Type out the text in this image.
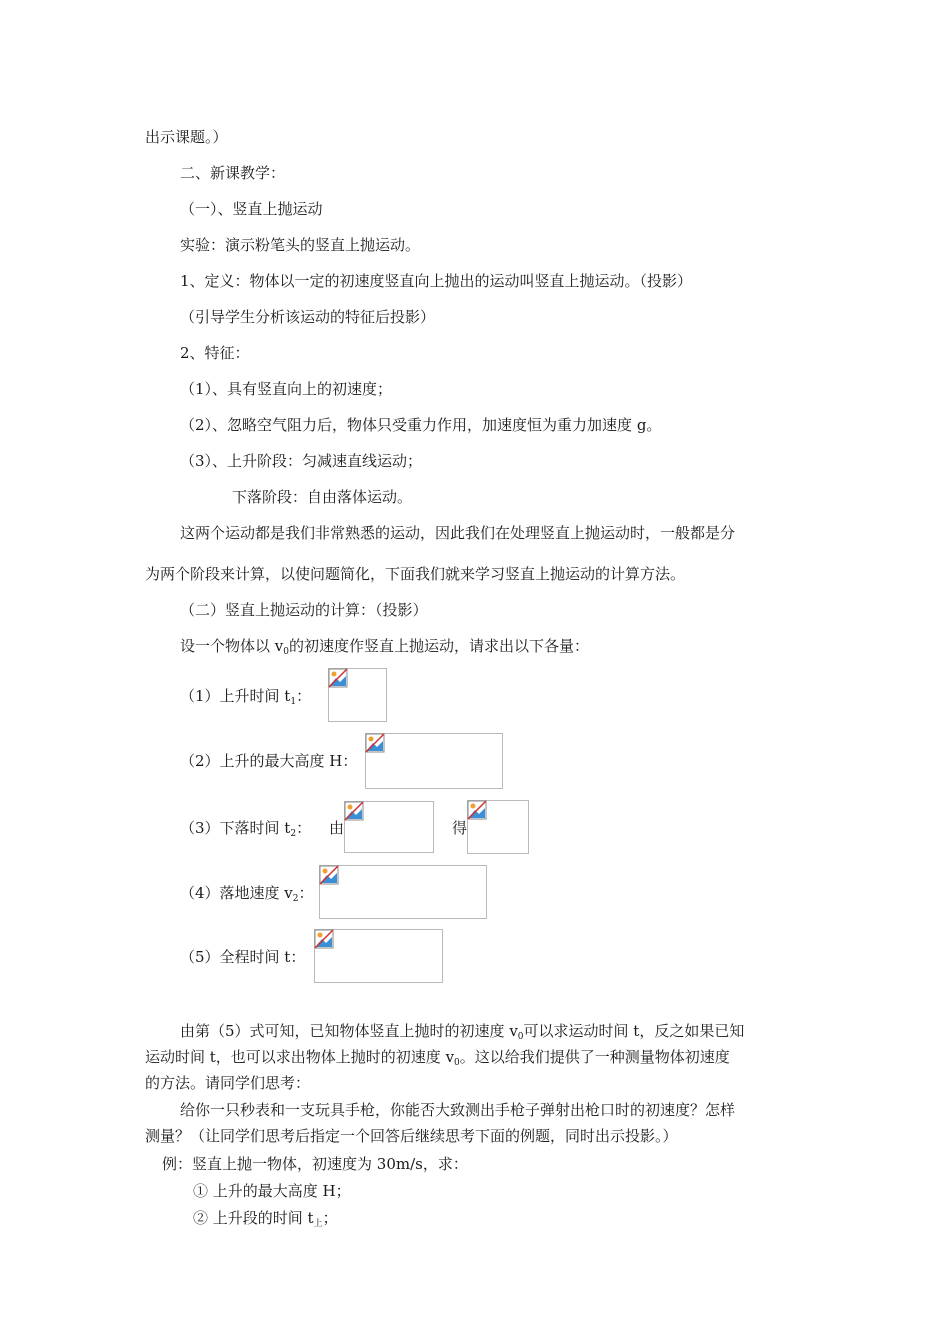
出示课题。）
二、新课教学：
（一）、竖直上抛运动
实验：演示粉笔头的竖直上抛运动。
1、定义：物体以一定的初速度竖直向上抛出的运动叫竖直上抛运动。（投影）
（引导学生分析该运动的特征后投影）
2、特征：
（1）、具有竖直向上的初速度；
（2）、忽略空气阻力后，物体只受重力作用，加速度恒为重力加速度 g。
（3）、上升阶段：匀减速直线运动；
下落阶段：自由落体运动。
这两个运动都是我们非常熟悉的运动，因此我们在处理竖直上抛运动时，一般都是分
为两个阶段来计算，以使问题简化，下面我们就来学习竖直上抛运动的计算方法。
（二）竖直上抛运动的计算：（投影）
设一个物体以 $v_0$的初速度作竖直上抛运动，请求出以下各量：
（1）上升时间 $t_1$：
（2）上升的最大高度 H：
（3）下落时间 $t_2$： 由	得
（4）落地速度 $v_2$：
（5）全程时间 t：
由第（5）式可知，已知物体竖直上抛时的初速度 $v_0$可以求运动时间 t，反之如果已知
运动时间 t，也可以求出物体上抛时的初速度 $v_0$。这以给我们提供了一种测量物体初速度
的方法。请同学们思考：
给你一只秒表和一支玩具手枪，你能否大致测出手枪子弹射出枪口时的初速度？怎样
测量？（让同学们思考后指定一个回答后继续思考下面的例题，同时出示投影。）
例：竖直上抛一物体，初速度为 30m/s，求：
① 上升的最大高度 H；
② 上升段的时间 $t_上$；
